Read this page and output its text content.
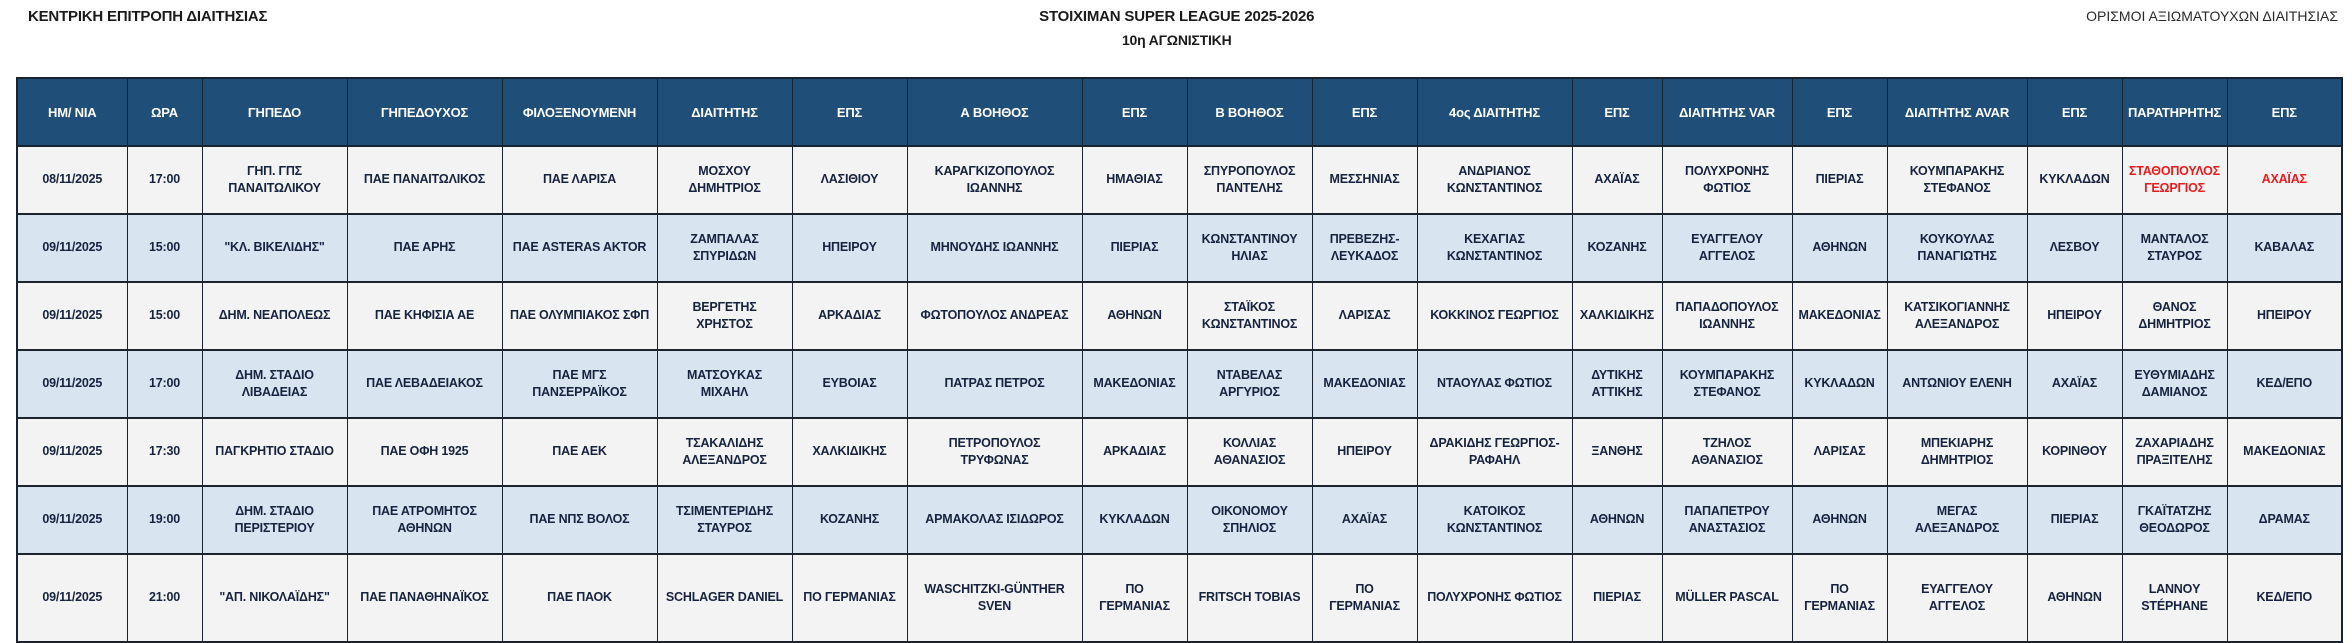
ΚΕΝΤΡΙΚΗ ΕΠΙΤΡΟΠΗ ΔΙΑΙΤΗΣΙΑΣ	STOIXIMAN SUPER LEAGUE 2025-2026
10η ΑΓΩΝΙΣΤΙΚΗ
ΟΡΙΣΜΟΙ ΑΞΙΩΜΑΤΟΥΧΩΝ ΔΙΑΙΤΗΣΙΑΣ
ΗΜ/ ΝΙΑ	ΩΡΑ	ΓΗΠΕΔΟ	ΓΗΠΕΔΟΥΧΟΣ	ΦΙΛΟΞΕΝΟΥΜΕΝΗ	ΔΙΑΙΤΗΤΗΣ	ΕΠΣ	Α ΒΟΗΘΟΣ	ΕΠΣ	Β ΒΟΗΘΟΣ	ΕΠΣ	4ος ΔΙΑΙΤΗΤΗΣ	ΕΠΣ	ΔΙΑΙΤΗΤΗΣ VAR	ΕΠΣ	ΔΙΑΙΤΗΤΗΣ AVAR	ΕΠΣ	ΠΑΡΑΤΗΡΗΤΗΣ	ΕΠΣ
08/11/2025	17:00	ΓΗΠ. ΓΠΣ ΠΑΝΑΙΤΩΛΙΚΟΥ	ΠΑΕ ΠΑΝΑΙΤΩΛΙΚΟΣ	ΠΑΕ ΛΑΡΙΣΑ	ΜΟΣΧΟΥ ΔΗΜΗΤΡΙΟΣ	ΛΑΣΙΘΙΟΥ	ΚΑΡΑΓΚΙΖΟΠΟΥΛΟΣ ΙΩΑΝΝΗΣ	ΗΜΑΘΙΑΣ	ΣΠΥΡΟΠΟΥΛΟΣ ΠΑΝΤΕΛΗΣ	ΜΕΣΣΗΝΙΑΣ	ΑΝΔΡΙΑΝΟΣ ΚΩΝΣΤΑΝΤΙΝΟΣ	ΑΧΑΪΑΣ	ΠΟΛΥΧΡΟΝΗΣ ΦΩΤΙΟΣ	ΠΙΕΡΙΑΣ	ΚΟΥΜΠΑΡΑΚΗΣ ΣΤΕΦΑΝΟΣ	ΚΥΚΛΑΔΩΝ	ΣΤΑΘΟΠΟΥΛΟΣ ΓΕΩΡΓΙΟΣ	ΑΧΑΪΑΣ
09/11/2025	15:00	"ΚΛ. ΒΙΚΕΛΙΔΗΣ"	ΠΑΕ ΑΡΗΣ	ΠΑΕ ASTERAS AKTOR	ΖΑΜΠΑΛΑΣ ΣΠΥΡΙΔΩΝ	ΗΠΕΙΡΟΥ	ΜΗΝΟΥΔΗΣ ΙΩΑΝΝΗΣ	ΠΙΕΡΙΑΣ	ΚΩΝΣΤΑΝΤΙΝΟΥ ΗΛΙΑΣ	ΠΡΕΒΕΖΗΣ-ΛΕΥΚΑΔΟΣ	ΚΕΧΑΓΙΑΣ ΚΩΝΣΤΑΝΤΙΝΟΣ	ΚΟΖΑΝΗΣ	ΕΥΑΓΓΕΛΟΥ ΑΓΓΕΛΟΣ	ΑΘΗΝΩΝ	ΚΟΥΚΟΥΛΑΣ ΠΑΝΑΓΙΩΤΗΣ	ΛΕΣΒΟΥ	ΜΑΝΤΑΛΟΣ ΣΤΑΥΡΟΣ	ΚΑΒΑΛΑΣ
09/11/2025	15:00	ΔΗΜ. ΝΕΑΠΟΛΕΩΣ	ΠΑΕ ΚΗΦΙΣΙΑ ΑΕ	ΠΑΕ ΟΛΥΜΠΙΑΚΟΣ ΣΦΠ	ΒΕΡΓΕΤΗΣ ΧΡΗΣΤΟΣ	ΑΡΚΑΔΙΑΣ	ΦΩΤΟΠΟΥΛΟΣ ΑΝΔΡΕΑΣ	ΑΘΗΝΩΝ	ΣΤΑΪΚΟΣ ΚΩΝΣΤΑΝΤΙΝΟΣ	ΛΑΡΙΣΑΣ	ΚΟΚΚΙΝΟΣ ΓΕΩΡΓΙΟΣ	ΧΑΛΚΙΔΙΚΗΣ	ΠΑΠΑΔΟΠΟΥΛΟΣ ΙΩΑΝΝΗΣ	ΜΑΚΕΔΟΝΙΑΣ	ΚΑΤΣΙΚΟΓΙΑΝΝΗΣ ΑΛΕΞΑΝΔΡΟΣ	ΗΠΕΙΡΟΥ	ΘΑΝΟΣ ΔΗΜΗΤΡΙΟΣ	ΗΠΕΙΡΟΥ
09/11/2025	17:00	ΔΗΜ. ΣΤΑΔΙΟ ΛΙΒΑΔΕΙΑΣ	ΠΑΕ ΛΕΒΑΔΕΙΑΚΟΣ	ΠΑΕ ΜΓΣ ΠΑΝΣΕΡΡΑΪΚΟΣ	ΜΑΤΣΟΥΚΑΣ ΜΙΧΑΗΛ	ΕΥΒΟΙΑΣ	ΠΑΤΡΑΣ ΠΕΤΡΟΣ	ΜΑΚΕΔΟΝΙΑΣ	ΝΤΑΒΕΛΑΣ ΑΡΓΥΡΙΟΣ	ΜΑΚΕΔΟΝΙΑΣ	ΝΤΑΟΥΛΑΣ ΦΩΤΙΟΣ	ΔΥΤΙΚΗΣ ΑΤΤΙΚΗΣ	ΚΟΥΜΠΑΡΑΚΗΣ ΣΤΕΦΑΝΟΣ	ΚΥΚΛΑΔΩΝ	ΑΝΤΩΝΙΟΥ ΕΛΕΝΗ	ΑΧΑΪΑΣ	ΕΥΘΥΜΙΑΔΗΣ ΔΑΜΙΑΝΟΣ	ΚΕΔ/ΕΠΟ
09/11/2025	17:30	ΠΑΓΚΡΗΤΙΟ ΣΤΑΔΙΟ	ΠΑΕ ΟΦΗ 1925	ΠΑΕ ΑΕΚ	ΤΣΑΚΑΛΙΔΗΣ ΑΛΕΞΑΝΔΡΟΣ	ΧΑΛΚΙΔΙΚΗΣ	ΠΕΤΡΟΠΟΥΛΟΣ ΤΡΥΦΩΝΑΣ	ΑΡΚΑΔΙΑΣ	ΚΟΛΛΙΑΣ ΑΘΑΝΑΣΙΟΣ	ΗΠΕΙΡΟΥ	ΔΡΑΚΙΔΗΣ ΓΕΩΡΓΙΟΣ-ΡΑΦΑΗΛ	ΞΑΝΘΗΣ	ΤΖΗΛΟΣ ΑΘΑΝΑΣΙΟΣ	ΛΑΡΙΣΑΣ	ΜΠΕΚΙΑΡΗΣ ΔΗΜΗΤΡΙΟΣ	ΚΟΡΙΝΘΟΥ	ΖΑΧΑΡΙΑΔΗΣ ΠΡΑΞΙΤΕΛΗΣ	ΜΑΚΕΔΟΝΙΑΣ
09/11/2025	19:00	ΔΗΜ. ΣΤΑΔΙΟ ΠΕΡΙΣΤΕΡΙΟΥ	ΠΑΕ ΑΤΡΟΜΗΤΟΣ ΑΘΗΝΩΝ	ΠΑΕ ΝΠΣ ΒΟΛΟΣ	ΤΣΙΜΕΝΤΕΡΙΔΗΣ ΣΤΑΥΡΟΣ	ΚΟΖΑΝΗΣ	ΑΡΜΑΚΟΛΑΣ ΙΣΙΔΩΡΟΣ	ΚΥΚΛΑΔΩΝ	ΟΙΚΟΝΟΜΟΥ ΣΠΗΛΙΟΣ	ΑΧΑΪΑΣ	ΚΑΤΟΙΚΟΣ ΚΩΝΣΤΑΝΤΙΝΟΣ	ΑΘΗΝΩΝ	ΠΑΠΑΠΕΤΡΟΥ ΑΝΑΣΤΑΣΙΟΣ	ΑΘΗΝΩΝ	ΜΕΓΑΣ ΑΛΕΞΑΝΔΡΟΣ	ΠΙΕΡΙΑΣ	ΓΚΑΪΤΑΤΖΗΣ ΘΕΟΔΩΡΟΣ	ΔΡΑΜΑΣ
09/11/2025	21:00	"ΑΠ. ΝΙΚΟΛΑΪΔΗΣ"	ΠΑΕ ΠΑΝΑΘΗΝΑΪΚΟΣ	ΠΑΕ ΠΑΟΚ	SCHLAGER DANIEL	ΠΟ ΓΕΡΜΑΝΙΑΣ	WASCHITZKI-GÜNTHER SVEN	ΠΟ ΓΕΡΜΑΝΙΑΣ	FRITSCH TOBIAS	ΠΟ ΓΕΡΜΑΝΙΑΣ	ΠΟΛΥΧΡΟΝΗΣ ΦΩΤΙΟΣ	ΠΙΕΡΙΑΣ	MÜLLER PASCAL	ΠΟ ΓΕΡΜΑΝΙΑΣ	ΕΥΑΓΓΕΛΟΥ ΑΓΓΕΛΟΣ	ΑΘΗΝΩΝ	LANNOY STÉPHANE	ΚΕΔ/ΕΠΟ
